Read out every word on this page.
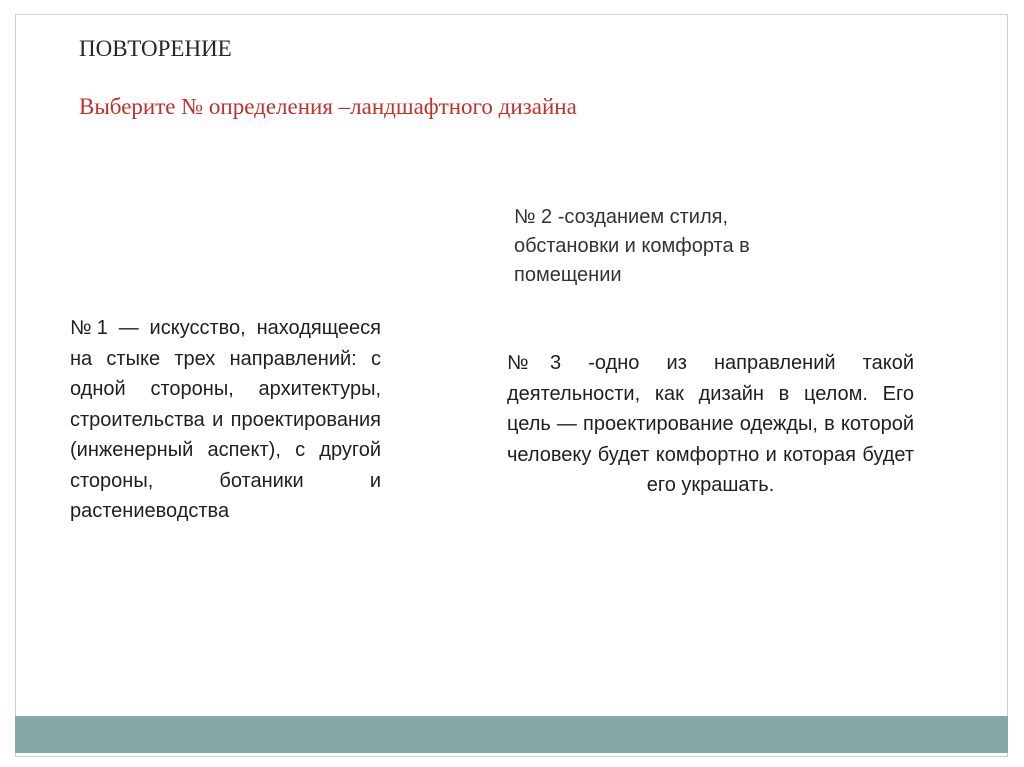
ПОВТОРЕНИЕ
Выберите № определения –ландшафтного дизайна
№ 2 -созданием стиля, обстановки и комфорта в помещении
№1 — искусство, находящееся на стыке трех направлений: с одной стороны, архитектуры, строительства и проектирования (инженерный аспект), с другой стороны, ботаники и растениеводства
№3 -одно из направлений такой деятельности, как дизайн в целом. Его цель — проектирование одежды, в которой человеку будет комфортно и которая будет его украшать.
